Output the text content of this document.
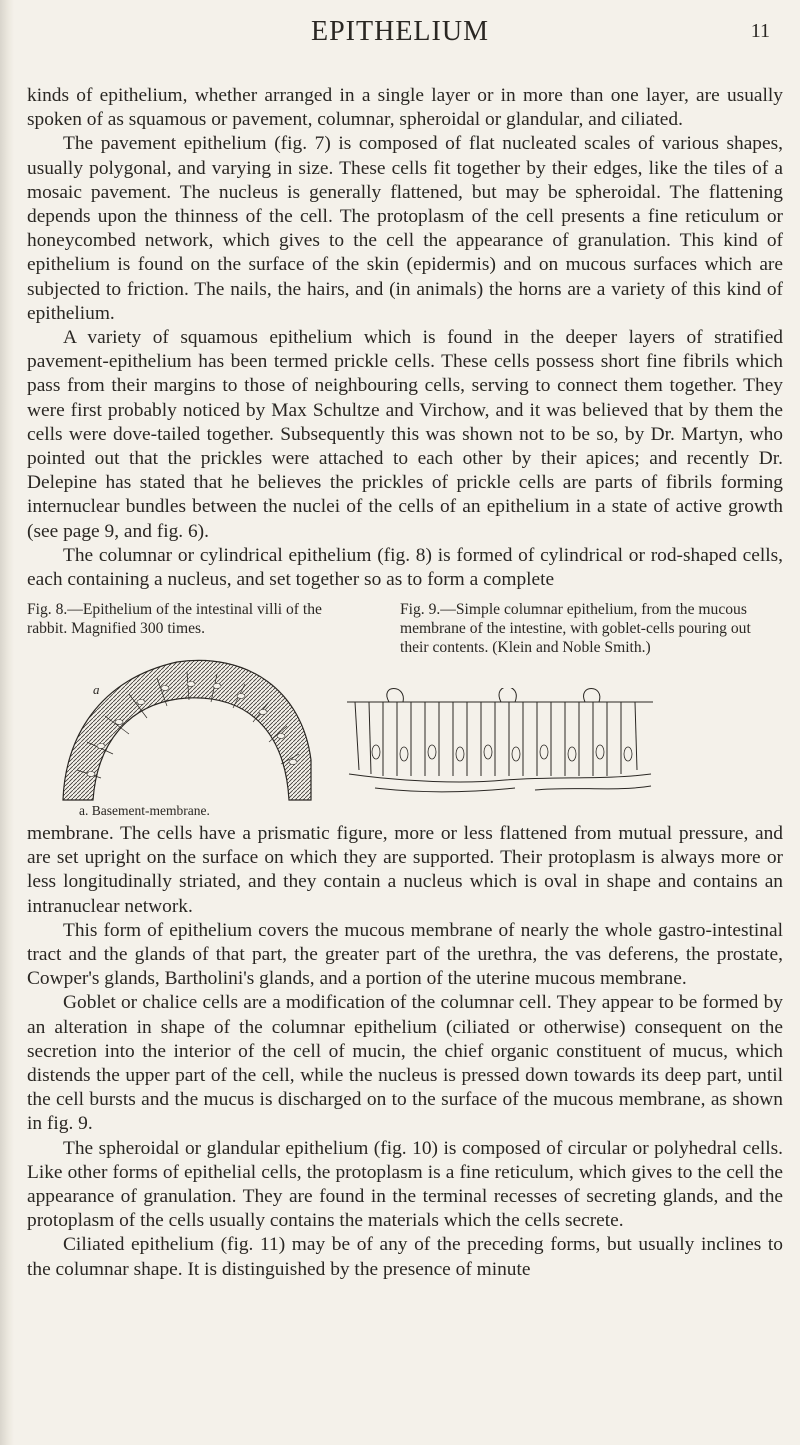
EPITHELIUM	11

kinds of epithelium, whether arranged in a single layer or in more than one layer, are usually spoken of as squamous or pavement, columnar, spheroidal or glandular, and ciliated.

The pavement epithelium (fig. 7) is composed of flat nucleated scales of various shapes, usually polygonal, and varying in size. These cells fit together by their edges, like the tiles of a mosaic pavement. The nucleus is generally flattened, but may be spheroidal. The flattening depends upon the thinness of the cell. The protoplasm of the cell presents a fine reticulum or honeycombed network, which gives to the cell the appearance of granulation. This kind of epithelium is found on the surface of the skin (epidermis) and on mucous surfaces which are subjected to friction. The nails, the hairs, and (in animals) the horns are a variety of this kind of epithelium.

A variety of squamous epithelium which is found in the deeper layers of stratified pavement-epithelium has been termed prickle cells. These cells possess short fine fibrils which pass from their margins to those of neighbouring cells, serving to connect them together. They were first probably noticed by Max Schultze and Virchow, and it was believed that by them the cells were dove-tailed together. Subsequently this was shown not to be so, by Dr. Martyn, who pointed out that the prickles were attached to each other by their apices; and recently Dr. Delepine has stated that he believes the prickles of prickle cells are parts of fibrils forming internuclear bundles between the nuclei of the cells of an epithelium in a state of active growth (see page 9, and fig. 6).

The columnar or cylindrical epithelium (fig. 8) is formed of cylindrical or rod-shaped cells, each containing a nucleus, and set together so as to form a complete

Fig. 8.—Epithelium of the intestinal villi of the rabbit. Magnified 300 times.
Fig. 9.—Simple columnar epithelium, from the mucous membrane of the intestine, with goblet-cells pouring out their contents. (Klein and Noble Smith.)
a
a. Basement-membrane.

membrane. The cells have a prismatic figure, more or less flattened from mutual pressure, and are set upright on the surface on which they are supported. Their protoplasm is always more or less longitudinally striated, and they contain a nucleus which is oval in shape and contains an intranuclear network.

This form of epithelium covers the mucous membrane of nearly the whole gastro-intestinal tract and the glands of that part, the greater part of the urethra, the vas deferens, the prostate, Cowper's glands, Bartholini's glands, and a portion of the uterine mucous membrane.

Goblet or chalice cells are a modification of the columnar cell. They appear to be formed by an alteration in shape of the columnar epithelium (ciliated or otherwise) consequent on the secretion into the interior of the cell of mucin, the chief organic constituent of mucus, which distends the upper part of the cell, while the nucleus is pressed down towards its deep part, until the cell bursts and the mucus is discharged on to the surface of the mucous membrane, as shown in fig. 9.

The spheroidal or glandular epithelium (fig. 10) is composed of circular or polyhedral cells. Like other forms of epithelial cells, the protoplasm is a fine reticulum, which gives to the cell the appearance of granulation. They are found in the terminal recesses of secreting glands, and the protoplasm of the cells usually contains the materials which the cells secrete.

Ciliated epithelium (fig. 11) may be of any of the preceding forms, but usually inclines to the columnar shape. It is distinguished by the presence of minute
